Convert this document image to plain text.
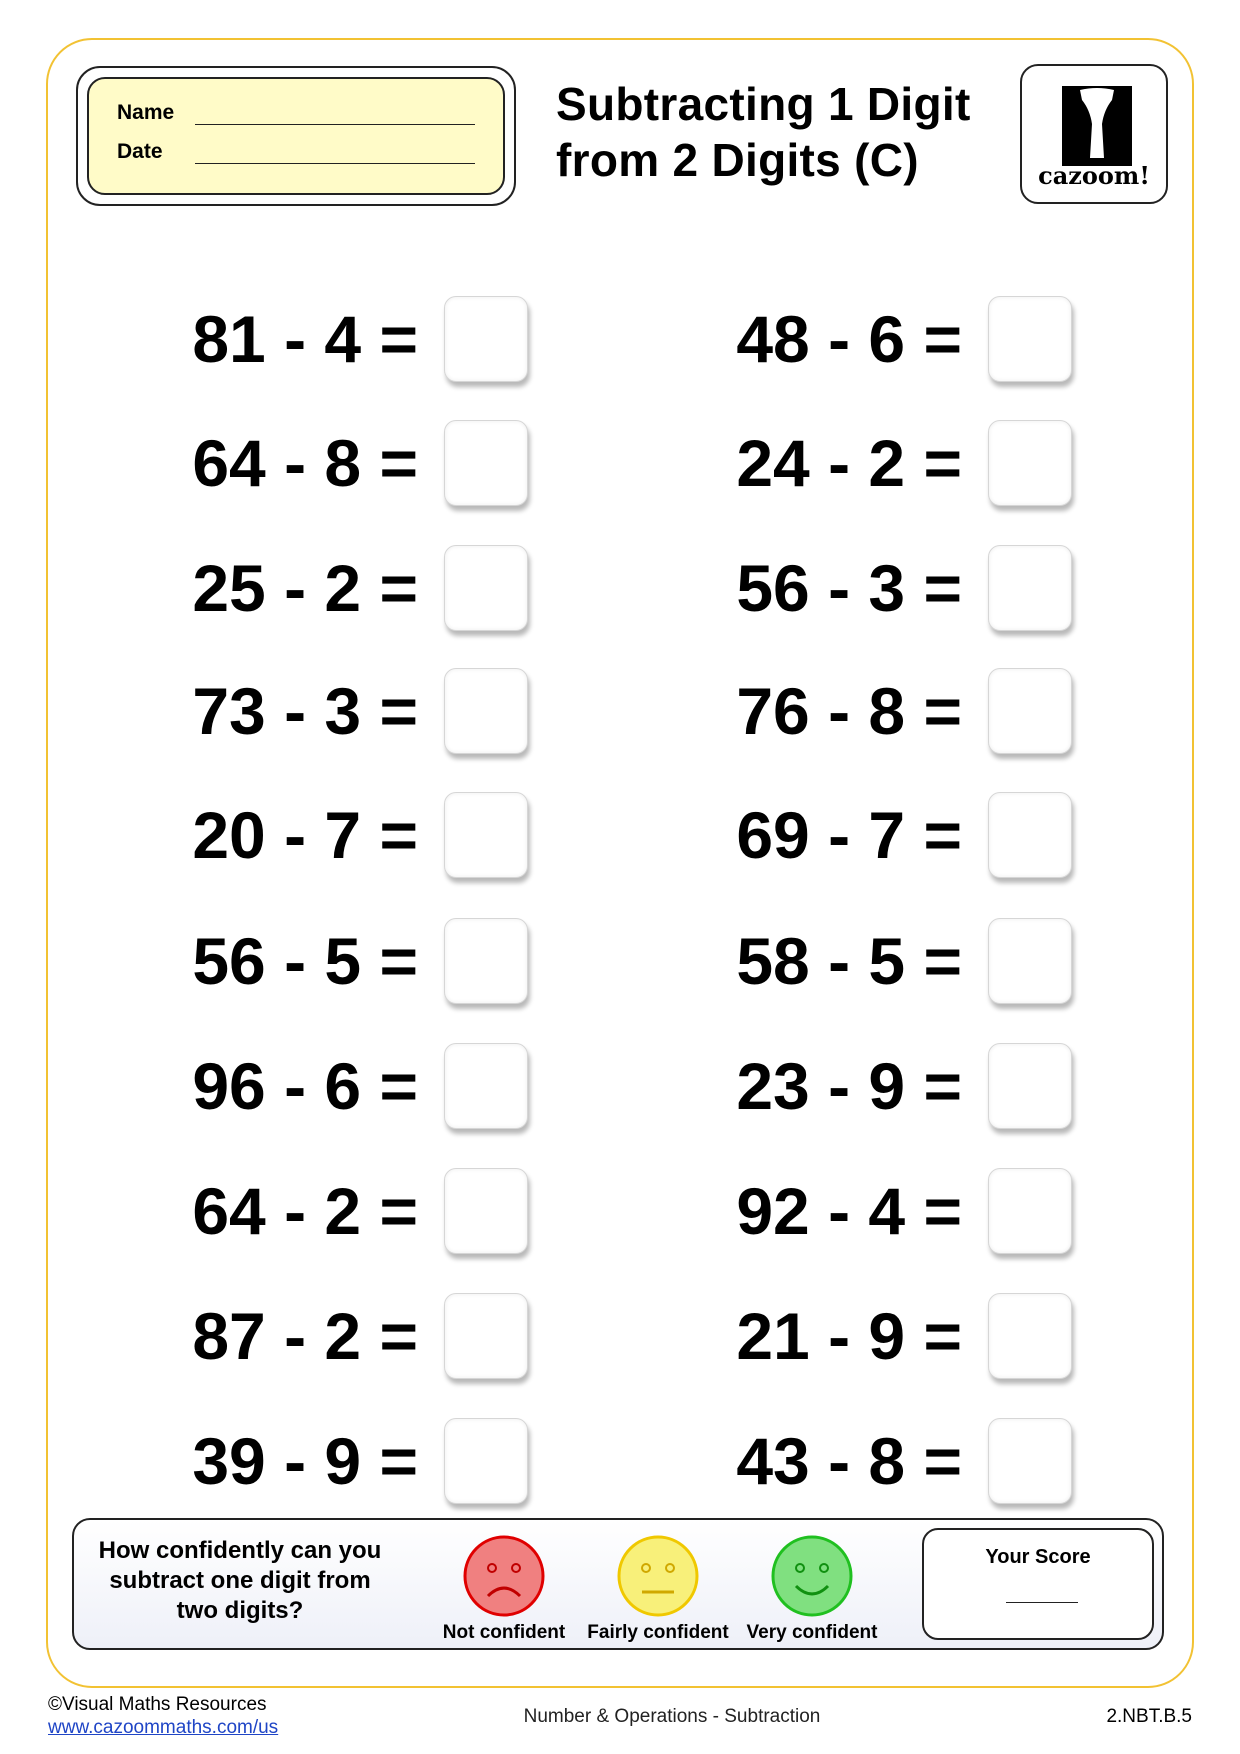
Name
Date
Subtracting 1 Digit
from 2 Digits (C)	cazoom!
81 - 4 =
64 - 8 =
25 - 2 =
73 - 3 =
20 - 7 =
56 - 5 =
96 - 6 =
64 - 2 =
87 - 2 =
39 - 9 =
48 - 6 =
24 - 2 =
56 - 3 =
76 - 8 =
69 - 7 =
58 - 5 =
23 - 9 =
92 - 4 =
21 - 9 =
43 - 8 =
How confidently can you subtract one digit from two digits?
Not confident	Fairly confident Very confident
Your Score
©Visual Maths Resources
www.cazoommaths.com/us
Number & Operations - Subtraction	2.NBT.B.5
